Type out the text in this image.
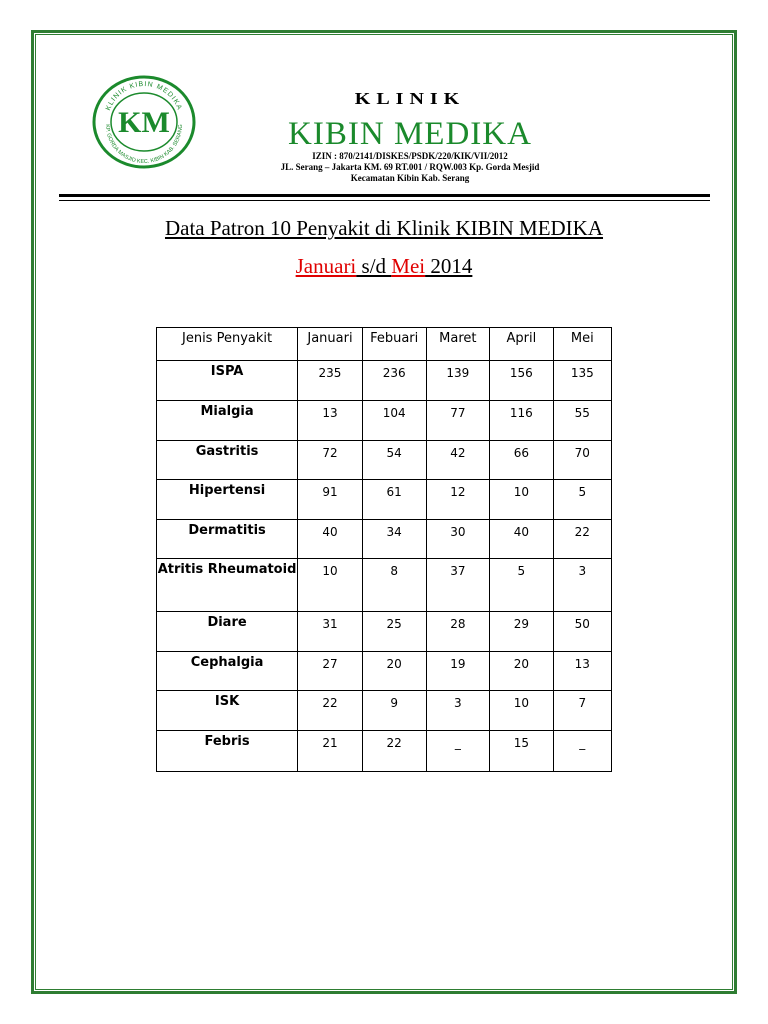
KLINIK KIBIN MEDIKA
KP. GORDA MASJID KEC. KIBIN KAB. SERANG
KM
KLINIK
KIBIN MEDIKA
IZIN : 870/2141/DISKES/PSDK/220/KIK/VII/2012
JL. Serang – Jakarta KM. 69 RT.001 / RQW.003 Kp. Gorda Mesjid
Kecamatan Kibin Kab. Serang
Data Patron 10 Penyakit di Klinik KIBIN MEDIKA
Januari s/d Mei 2014
Jenis Penyakit	Januari	Febuari	Maret	April	Mei
ISPA	235	236	139	156	135
Mialgia	13	104	77	116	55
Gastritis	72	54	42	66	70
Hipertensi	91	61	12	10	5
Dermatitis	40	34	30	40	22
Atritis Rheumatoid	10	8	37	5	3
Diare	31	25	28	29	50
Cephalgia	27	20	19	20	13
ISK	22	9	3	10	7
Febris	21	22	_	15	_
